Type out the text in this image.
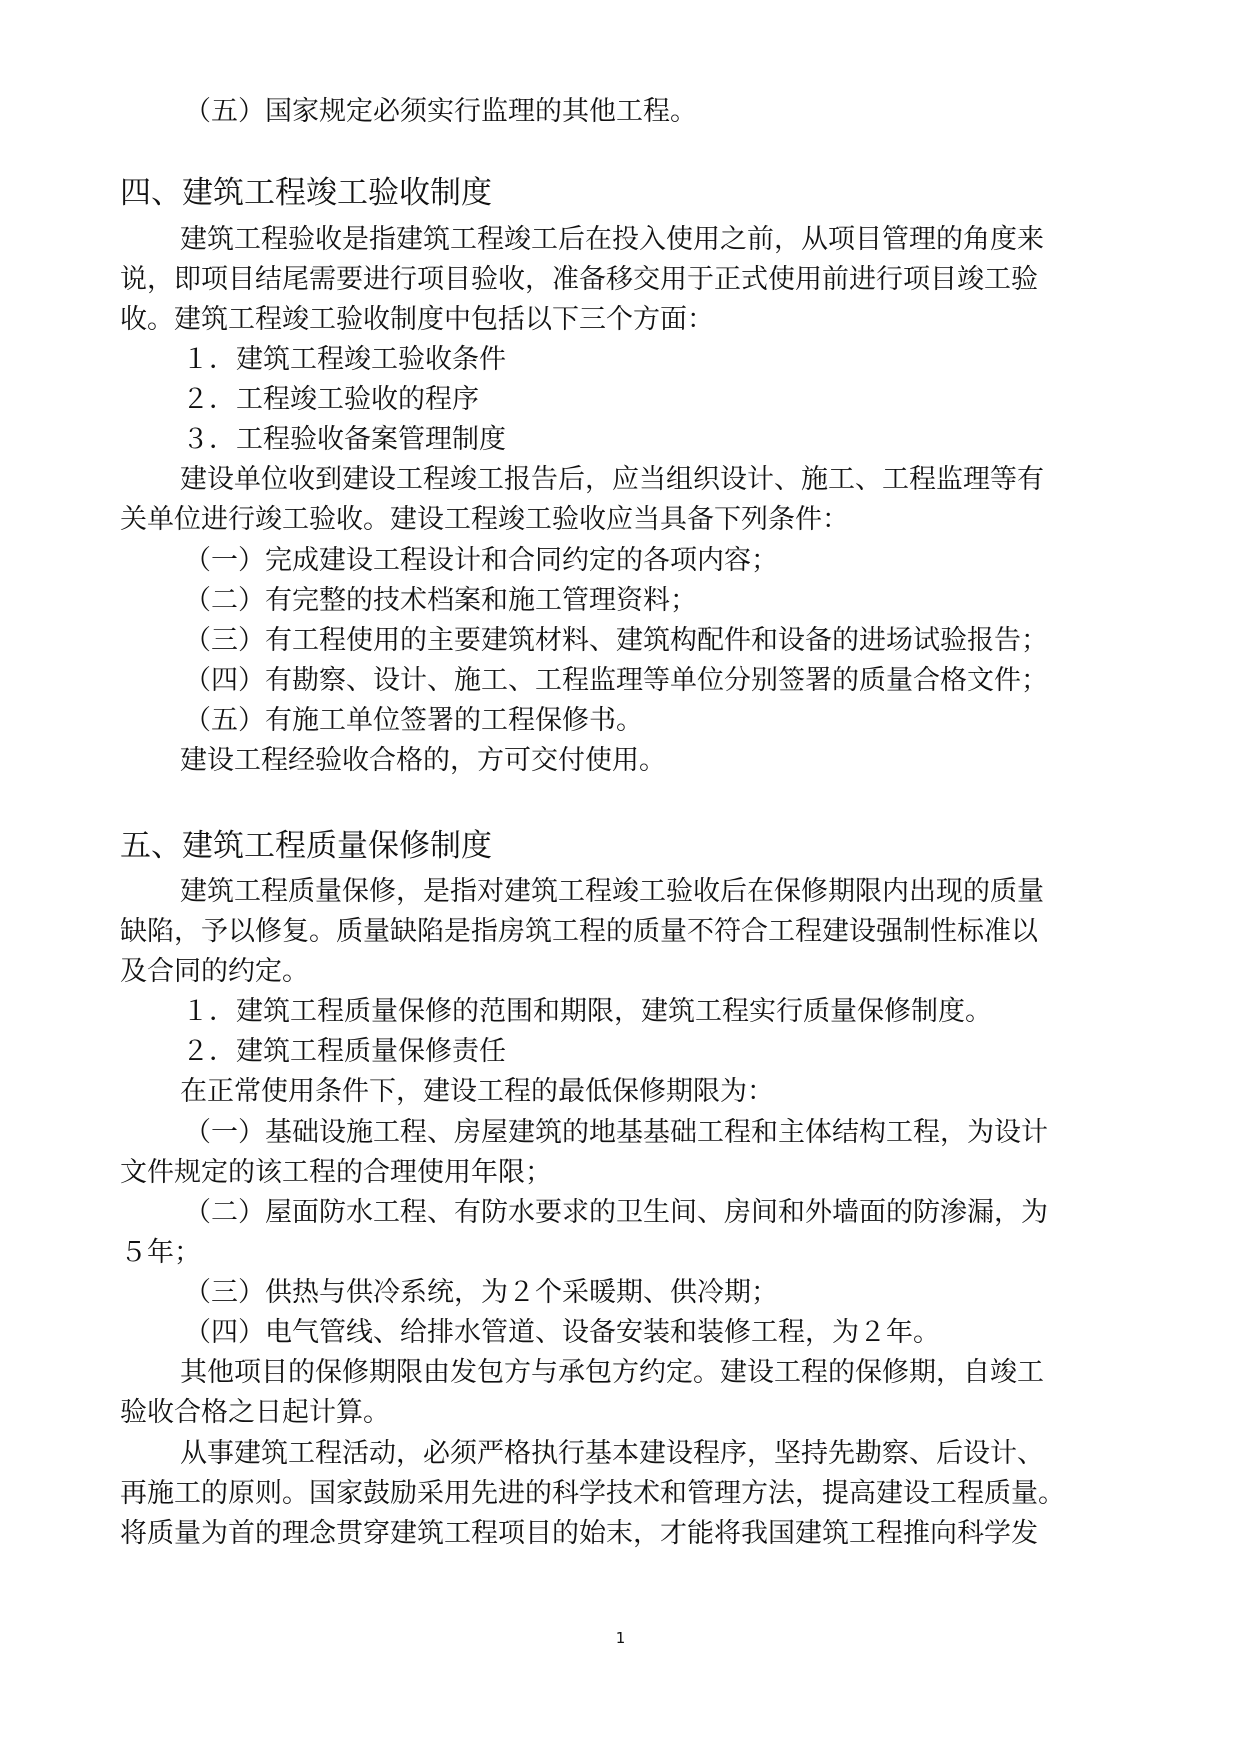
（五）国家规定必须实行监理的其他工程。
四、建筑工程竣工验收制度
建筑工程验收是指建筑工程竣工后在投入使用之前，从项目管理的角度来
说，即项目结尾需要进行项目验收，准备移交用于正式使用前进行项目竣工验
收。建筑工程竣工验收制度中包括以下三个方面：
１．建筑工程竣工验收条件
２．工程竣工验收的程序
３．工程验收备案管理制度
建设单位收到建设工程竣工报告后，应当组织设计、施工、工程监理等有
关单位进行竣工验收。建设工程竣工验收应当具备下列条件：
（一）完成建设工程设计和合同约定的各项内容；
（二）有完整的技术档案和施工管理资料；
（三）有工程使用的主要建筑材料、建筑构配件和设备的进场试验报告；
（四）有勘察、设计、施工、工程监理等单位分别签署的质量合格文件；
（五）有施工单位签署的工程保修书。
建设工程经验收合格的，方可交付使用。
五、建筑工程质量保修制度
建筑工程质量保修，是指对建筑工程竣工验收后在保修期限内出现的质量
缺陷，予以修复。质量缺陷是指房筑工程的质量不符合工程建设强制性标准以
及合同的约定。
１．建筑工程质量保修的范围和期限，建筑工程实行质量保修制度。
２．建筑工程质量保修责任
在正常使用条件下，建设工程的最低保修期限为：
（一）基础设施工程、房屋建筑的地基基础工程和主体结构工程，为设计
文件规定的该工程的合理使用年限；
（二）屋面防水工程、有防水要求的卫生间、房间和外墙面的防渗漏，为
５年；
（三）供热与供冷系统，为２个采暖期、供冷期；
（四）电气管线、给排水管道、设备安装和装修工程，为２年。
其他项目的保修期限由发包方与承包方约定。建设工程的保修期，自竣工
验收合格之日起计算。
从事建筑工程活动，必须严格执行基本建设程序，坚持先勘察、后设计、
再施工的原则。国家鼓励采用先进的科学技术和管理方法，提高建设工程质量。
将质量为首的理念贯穿建筑工程项目的始末，才能将我国建筑工程推向科学发
1
